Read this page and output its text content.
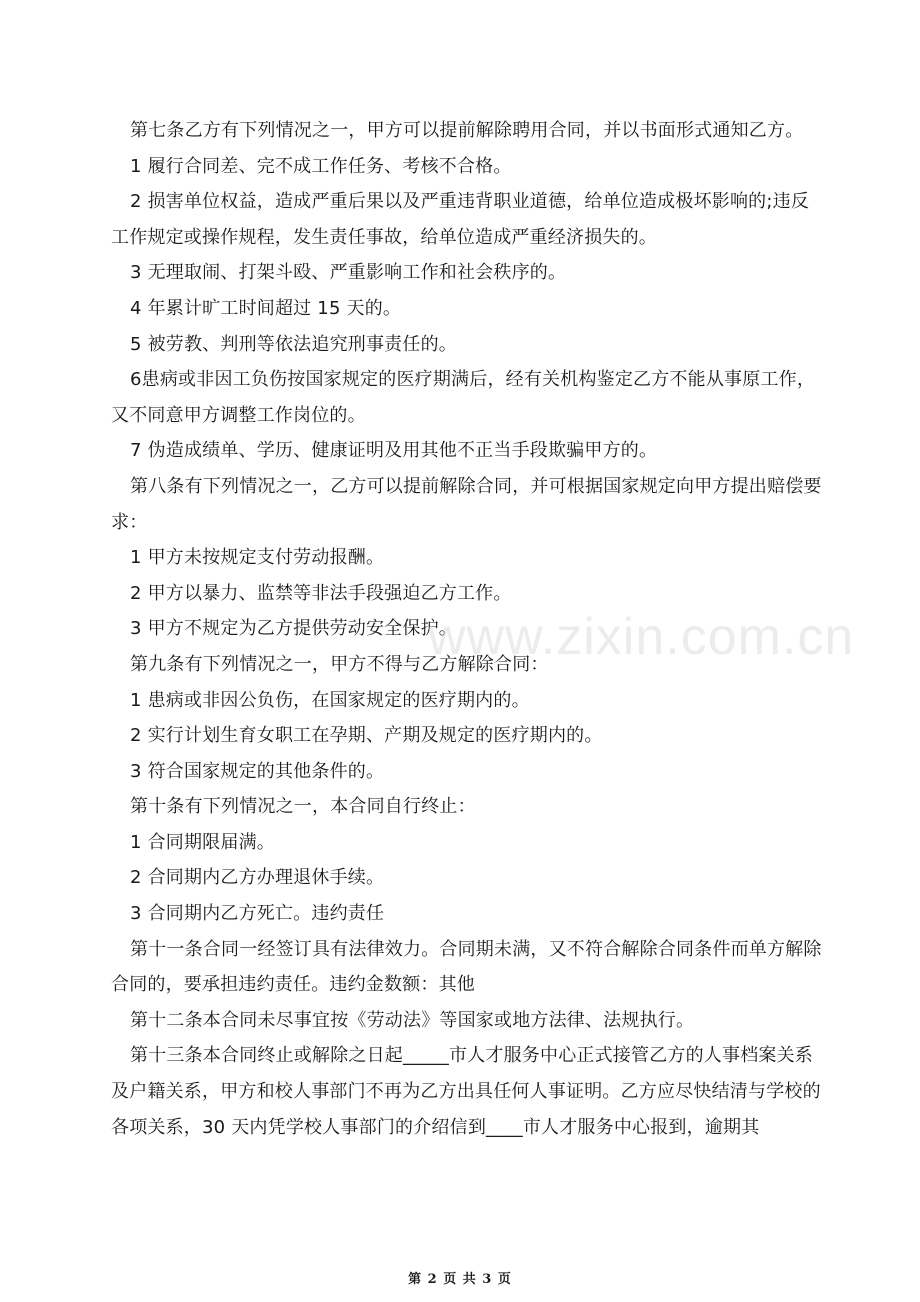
第七条乙方有下列情况之一，甲方可以提前解除聘用合同，并以书面形式通知乙方。

1 履行合同差、完不成工作任务、考核不合格。

2 损害单位权益，造成严重后果以及严重违背职业道德，给单位造成极坏影响的;违反工作规定或操作规程，发生责任事故，给单位造成严重经济损失的。

3 无理取闹、打架斗殴、严重影响工作和社会秩序的。

4 年累计旷工时间超过 15 天的。

5 被劳教、判刑等依法追究刑事责任的。

6患病或非因工负伤按国家规定的医疗期满后，经有关机构鉴定乙方不能从事原工作，又不同意甲方调整工作岗位的。

7 伪造成绩单、学历、健康证明及用其他不正当手段欺骗甲方的。

第八条有下列情况之一，乙方可以提前解除合同，并可根据国家规定向甲方提出赔偿要求：

1 甲方未按规定支付劳动报酬。

2 甲方以暴力、监禁等非法手段强迫乙方工作。

3 甲方不规定为乙方提供劳动安全保护。

第九条有下列情况之一，甲方不得与乙方解除合同：

1 患病或非因公负伤，在国家规定的医疗期内的。

2 实行计划生育女职工在孕期、产期及规定的医疗期内的。

3 符合国家规定的其他条件的。

第十条有下列情况之一，本合同自行终止：

1 合同期限届满。

2 合同期内乙方办理退休手续。

3 合同期内乙方死亡。违约责任

第十一条合同一经签订具有法律效力。合同期未满，又不符合解除合同条件而单方解除合同的，要承担违约责任。违约金数额：其他

第十二条本合同未尽事宜按《劳动法》等国家或地方法律、法规执行。

第十三条本合同终止或解除之日起_____市人才服务中心正式接管乙方的人事档案关系及户籍关系，甲方和校人事部门不再为乙方出具任何人事证明。乙方应尽快结清与学校的各项关系，30 天内凭学校人事部门的介绍信到____市人才服务中心报到，逾期其

www.zixin.com.cn
第 2 页 共 3 页
